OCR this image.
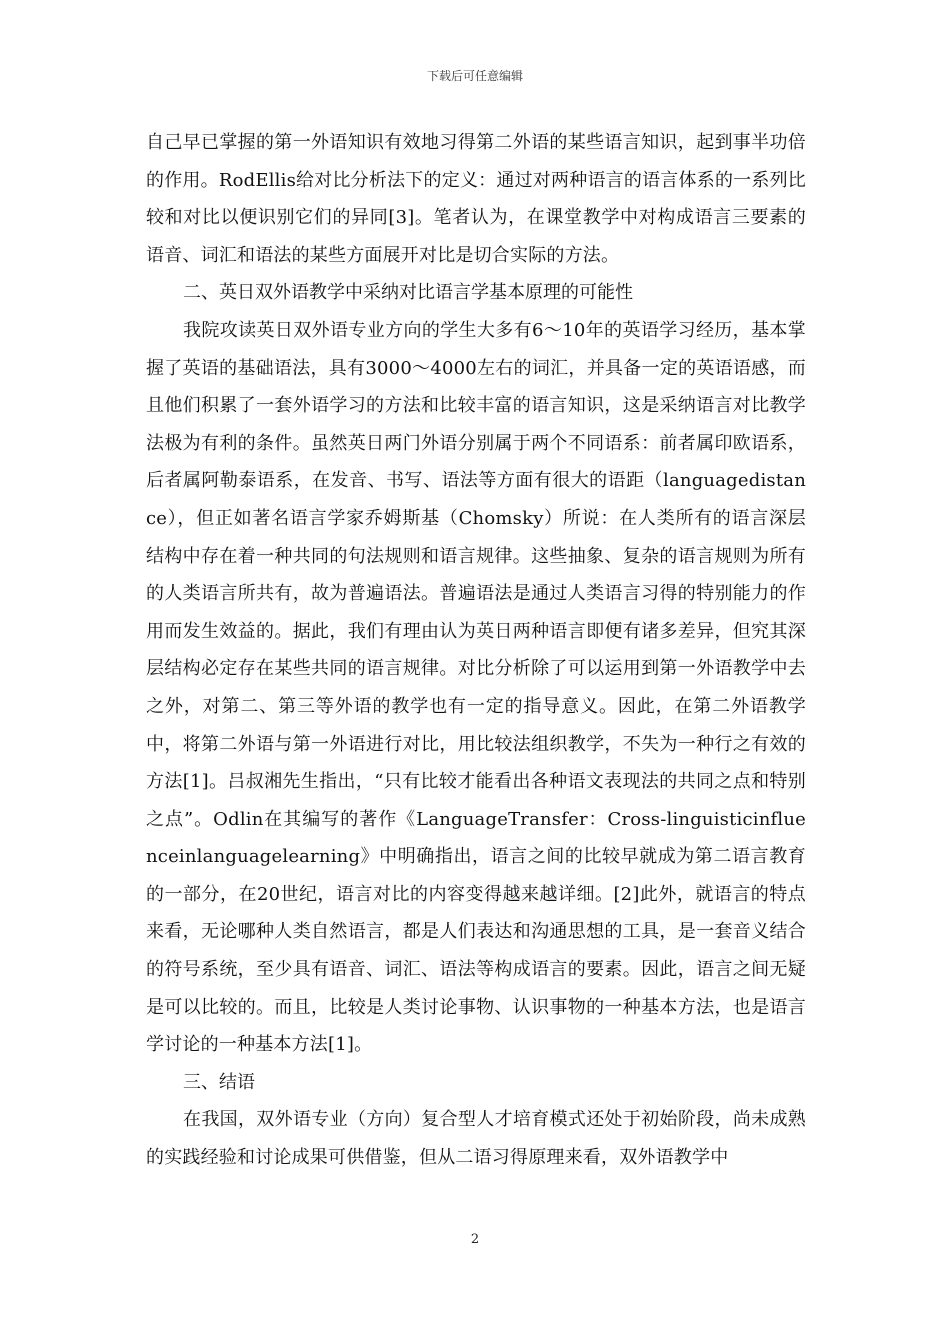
下载后可任意编辑

自己早已掌握的第一外语知识有效地习得第二外语的某些语言知识，起到事半功倍的作用。RodEllis给对比分析法下的定义：通过对两种语言的语言体系的一系列比较和对比以便识别它们的异同[3]。笔者认为，在课堂教学中对构成语言三要素的语音、词汇和语法的某些方面展开对比是切合实际的方法。

二、英日双外语教学中采纳对比语言学基本原理的可能性

我院攻读英日双外语专业方向的学生大多有6～10年的英语学习经历，基本掌握了英语的基础语法，具有3000～4000左右的词汇，并具备一定的英语语感，而且他们积累了一套外语学习的方法和比较丰富的语言知识，这是采纳语言对比教学法极为有利的条件。虽然英日两门外语分别属于两个不同语系：前者属印欧语系，后者属阿勒泰语系，在发音、书写、语法等方面有很大的语距（languagedistance），但正如著名语言学家乔姆斯基（Chomsky）所说：在人类所有的语言深层结构中存在着一种共同的句法规则和语言规律。这些抽象、复杂的语言规则为所有的人类语言所共有，故为普遍语法。普遍语法是通过人类语言习得的特别能力的作用而发生效益的。据此，我们有理由认为英日两种语言即便有诸多差异，但究其深层结构必定存在某些共同的语言规律。对比分析除了可以运用到第一外语教学中去之外，对第二、第三等外语的教学也有一定的指导意义。因此，在第二外语教学中，将第二外语与第一外语进行对比，用比较法组织教学，不失为一种行之有效的方法[1]。吕叔湘先生指出，“只有比较才能看出各种语文表现法的共同之点和特别之点”。Odlin在其编写的著作《LanguageTransfer：Cross-linguisticinfluenceinlanguagelearning》中明确指出，语言之间的比较早就成为第二语言教育的一部分，在20世纪，语言对比的内容变得越来越详细。[2]此外，就语言的特点来看，无论哪种人类自然语言，都是人们表达和沟通思想的工具，是一套音义结合的符号系统，至少具有语音、词汇、语法等构成语言的要素。因此，语言之间无疑是可以比较的。而且，比较是人类讨论事物、认识事物的一种基本方法，也是语言学讨论的一种基本方法[1]。

三、结语

在我国，双外语专业（方向）复合型人才培育模式还处于初始阶段，尚未成熟的实践经验和讨论成果可供借鉴，但从二语习得原理来看，双外语教学中

2
